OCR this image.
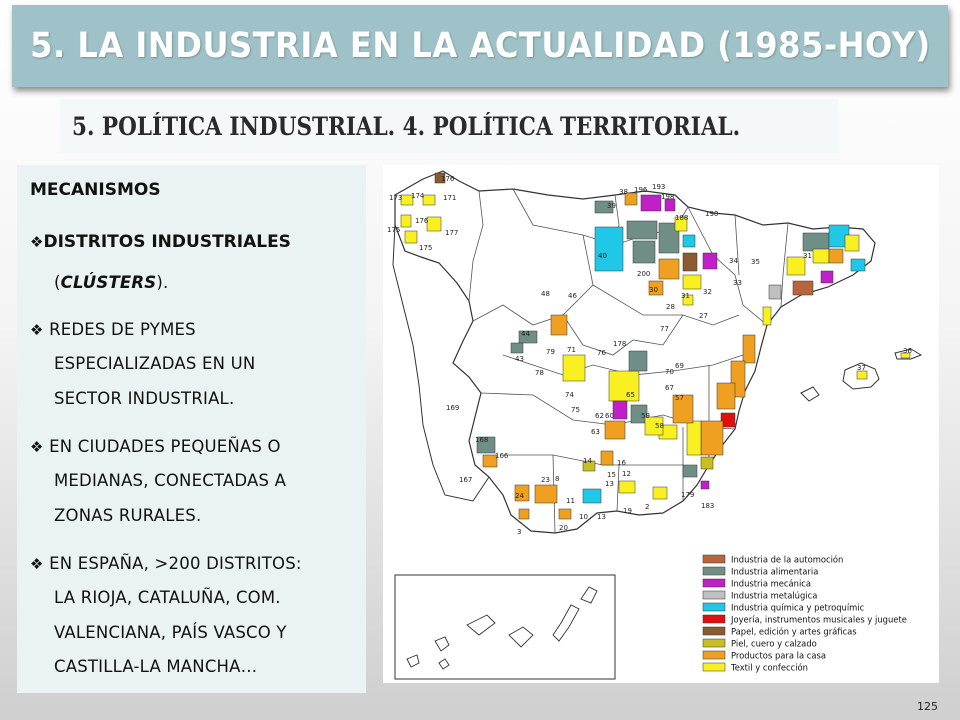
5. LA INDUSTRIA EN LA ACTUALIDAD (1985-HOY)
5. POLÍTICA INDUSTRIAL. 4. POLÍTICA TERRITORIAL.
MECANISMOS
❖DISTRITOS INDUSTRIALES
(CLÚSTERS).
❖ REDES DE PYMES
ESPECIALIZADAS EN UN
SECTOR INDUSTRIAL.
❖ EN CIUDADES PEQUEÑAS O
MEDIANAS, CONECTADAS A
ZONAS RURALES.
❖ EN ESPAÑA, >200 DISTRITOS:
LA RIOJA, CATALUÑA, COM.
VALENCIANA, PAÍS VASCO Y
CASTILLA-LA MANCHA…
173
176
174	171
176
175
175
177
38 196 193
198
39
188 190
40
34 35
33
200
30
31 32
28
46
48
27
77
44
43
79 71	76
178
69
70
78
75
74	65	57
67
169
62 60	59
63
58
168
166
167
14	16
15
13
12
23 8
24
2
11
19
3	20
10 13
179
183
37
36
31
Industria de la automoción
Industria alimentaria
Industria mecánica
Industria metalúgica
Industria química y petroquímic
Joyería, instrumentos musicales y juguete
Papel, edición y artes gráficas
Piel, cuero y calzado
Productos para la casa
Textil y confección
125
